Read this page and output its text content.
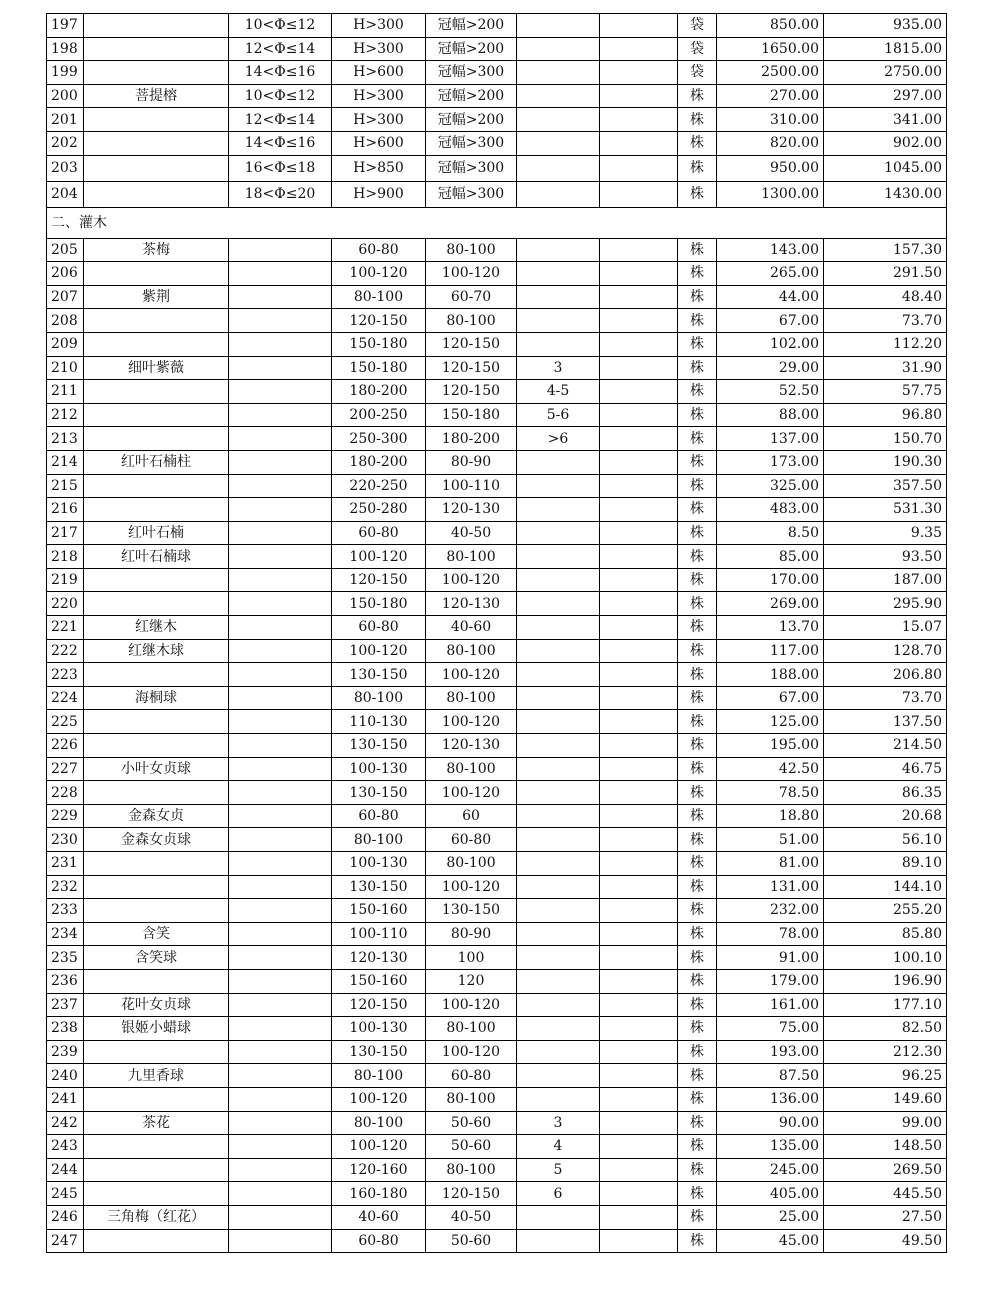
197		10<Φ≤12	H>300	冠幅>200			袋	850.00	935.00
198		12<Φ≤14	H>300	冠幅>200			袋	1650.00	1815.00
199		14<Φ≤16	H>600	冠幅>300			袋	2500.00	2750.00
200	菩提榕	10<Φ≤12	H>300	冠幅>200			株	270.00	297.00
201		12<Φ≤14	H>300	冠幅>200			株	310.00	341.00
202		14<Φ≤16	H>600	冠幅>300			株	820.00	902.00
203		16<Φ≤18	H>850	冠幅>300			株	950.00	1045.00
204		18<Φ≤20	H>900	冠幅>300			株	1300.00	1430.00
二、灌木									
205	茶梅		60-80	80-100			株	143.00	157.30
206			100-120	100-120			株	265.00	291.50
207	紫荆		80-100	60-70			株	44.00	48.40
208			120-150	80-100			株	67.00	73.70
209			150-180	120-150			株	102.00	112.20
210	细叶紫薇		150-180	120-150	3		株	29.00	31.90
211			180-200	120-150	4-5		株	52.50	57.75
212			200-250	150-180	5-6		株	88.00	96.80
213			250-300	180-200	>6		株	137.00	150.70
214	红叶石楠柱		180-200	80-90			株	173.00	190.30
215			220-250	100-110			株	325.00	357.50
216			250-280	120-130			株	483.00	531.30
217	红叶石楠		60-80	40-50			株	8.50	9.35
218	红叶石楠球		100-120	80-100			株	85.00	93.50
219			120-150	100-120			株	170.00	187.00
220			150-180	120-130			株	269.00	295.90
221	红继木		60-80	40-60			株	13.70	15.07
222	红继木球		100-120	80-100			株	117.00	128.70
223			130-150	100-120			株	188.00	206.80
224	海桐球		80-100	80-100			株	67.00	73.70
225			110-130	100-120			株	125.00	137.50
226			130-150	120-130			株	195.00	214.50
227	小叶女贞球		100-130	80-100			株	42.50	46.75
228			130-150	100-120			株	78.50	86.35
229	金森女贞		60-80	60			株	18.80	20.68
230	金森女贞球		80-100	60-80			株	51.00	56.10
231			100-130	80-100			株	81.00	89.10
232			130-150	100-120			株	131.00	144.10
233			150-160	130-150			株	232.00	255.20
234	含笑		100-110	80-90			株	78.00	85.80
235	含笑球		120-130	100			株	91.00	100.10
236			150-160	120			株	179.00	196.90
237	花叶女贞球		120-150	100-120			株	161.00	177.10
238	银姬小蜡球		100-130	80-100			株	75.00	82.50
239			130-150	100-120			株	193.00	212.30
240	九里香球		80-100	60-80			株	87.50	96.25
241			100-120	80-100			株	136.00	149.60
242	茶花		80-100	50-60	3		株	90.00	99.00
243			100-120	50-60	4		株	135.00	148.50
244			120-160	80-100	5		株	245.00	269.50
245			160-180	120-150	6		株	405.00	445.50
246	三角梅（红花）		40-60	40-50			株	25.00	27.50
247			60-80	50-60			株	45.00	49.50
